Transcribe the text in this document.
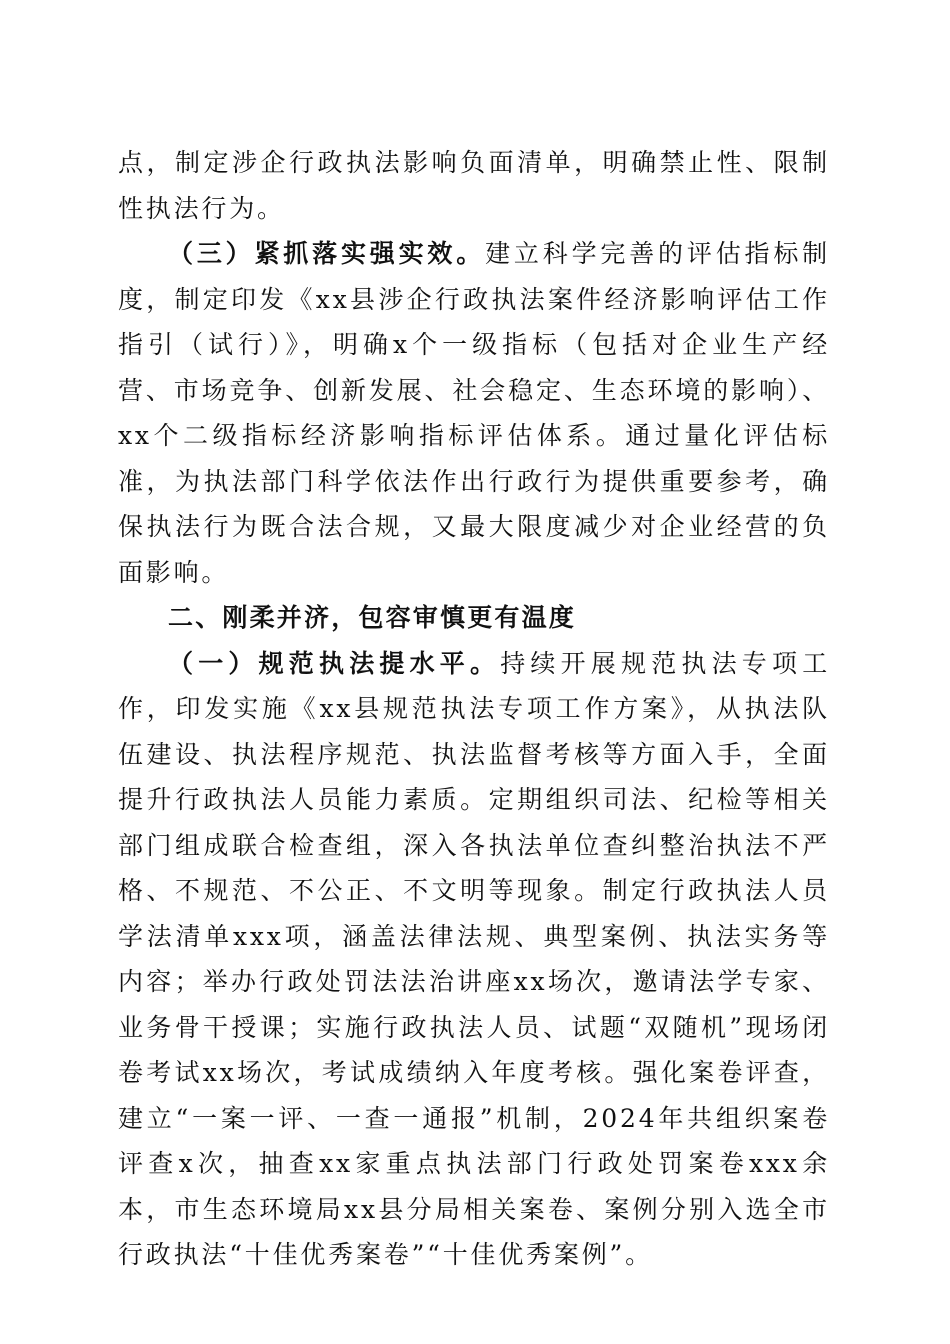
点，制定涉企行政执法影响负面清单，明确禁止性、限制性执法行为。

（三）紧抓落实强实效。建立科学完善的评估指标制度，制定印发《xx县涉企行政执法案件经济影响评估工作指引（试行）》，明确x个一级指标（包括对企业生产经营、市场竞争、创新发展、社会稳定、生态环境的影响）、xx个二级指标经济影响指标评估体系。通过量化评估标准，为执法部门科学依法作出行政行为提供重要参考，确保执法行为既合法合规，又最大限度减少对企业经营的负面影响。

二、刚柔并济，包容审慎更有温度

（一）规范执法提水平。持续开展规范执法专项工作，印发实施《xx县规范执法专项工作方案》，从执法队伍建设、执法程序规范、执法监督考核等方面入手，全面提升行政执法人员能力素质。定期组织司法、纪检等相关部门组成联合检查组，深入各执法单位查纠整治执法不严格、不规范、不公正、不文明等现象。制定行政执法人员学法清单xxx项，涵盖法律法规、典型案例、执法实务等内容；举办行政处罚法法治讲座xx场次，邀请法学专家、业务骨干授课；实施行政执法人员、试题“双随机”现场闭卷考试xx场次，考试成绩纳入年度考核。强化案卷评查，建立“一案一评、一查一通报”机制，2024年共组织案卷评查x次，抽查xx家重点执法部门行政处罚案卷xxx余本，市生态环境局xx县分局相关案卷、案例分别入选全市行政执法“十佳优秀案卷”“十佳优秀案例”。
